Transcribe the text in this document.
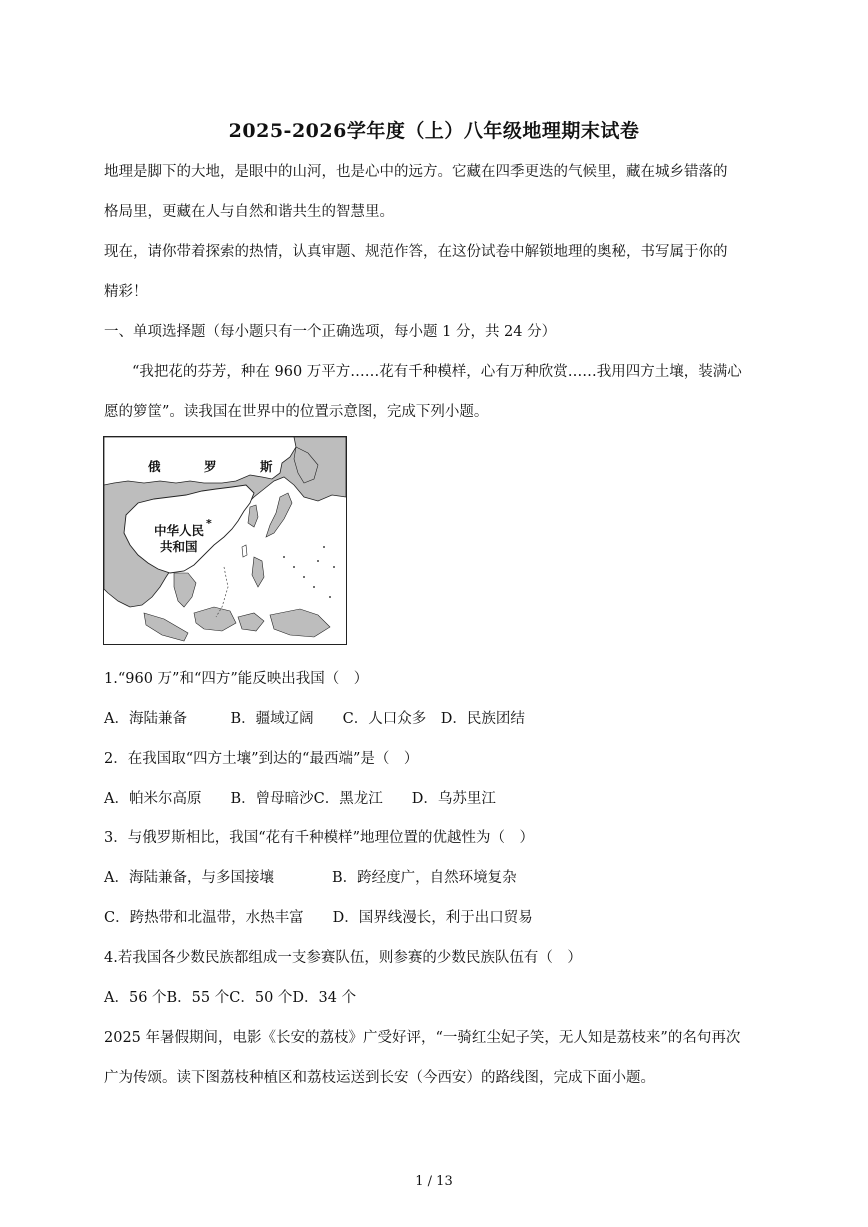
2025-2026学年度（上）八年级地理期末试卷
地理是脚下的大地，是眼中的山河，也是心中的远方。它藏在四季更迭的气候里，藏在城乡错落的
格局里，更藏在人与自然和谐共生的智慧里。
现在，请你带着探索的热情，认真审题、规范作答，在这份试卷中解锁地理的奥秘，书写属于你的
精彩！
一、单项选择题（每小题只有一个正确选项，每小题 1 分，共 24 分）
“我把花的芬芳，种在 960 万平方……花有千种模样，心有万种欣赏……我用四方土壤，装满心
愿的箩筐”。读我国在世界中的位置示意图，完成下列小题。
俄	罗	斯
中华人民
共和国
*
1.“960 万”和“四方”能反映出我国（　）
A．海陆兼备　　　B．疆域辽阔　　C．人口众多　D．民族团结
2．在我国取“四方土壤”到达的“最西端”是（　）
A．帕米尔高原　　B．曾母暗沙C．黑龙江　　D．乌苏里江
3．与俄罗斯相比，我国“花有千种模样”地理位置的优越性为（　）
A．海陆兼备，与多国接壤　　　　B．跨经度广，自然环境复杂
C．跨热带和北温带，水热丰富　　D．国界线漫长，利于出口贸易
4.若我国各少数民族都组成一支参赛队伍，则参赛的少数民族队伍有（　）
A．56 个B．55 个C．50 个D．34 个
2025 年暑假期间，电影《长安的荔枝》广受好评，“一骑红尘妃子笑，无人知是荔枝来”的名句再次
广为传颂。读下图荔枝种植区和荔枝运送到长安（今西安）的路线图，完成下面小题。
1 / 13
